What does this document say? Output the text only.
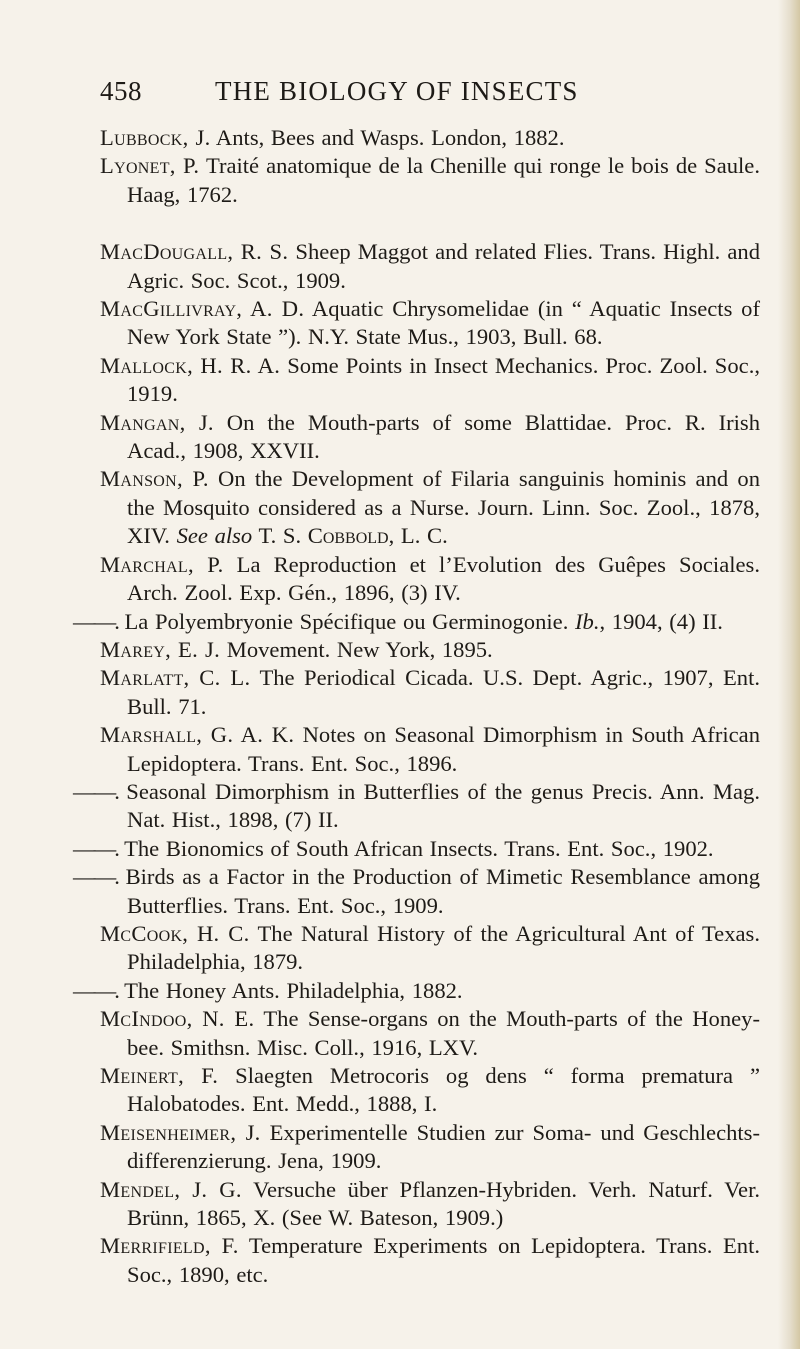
458	THE BIOLOGY OF INSECTS

Lubbock, J. Ants, Bees and Wasps. London, 1882.

Lyonet, P. Traité anatomique de la Chenille qui ronge le bois de Saule. Haag, 1762.

MacDougall, R. S. Sheep Maggot and related Flies. Trans. Highl. and Agric. Soc. Scot., 1909.

MacGillivray, A. D. Aquatic Chrysomelidae (in “ Aquatic Insects of New York State ”). N.Y. State Mus., 1903, Bull. 68.

Mallock, H. R. A. Some Points in Insect Mechanics. Proc. Zool. Soc., 1919.

Mangan, J. On the Mouth-parts of some Blattidae. Proc. R. Irish Acad., 1908, XXVII.

Manson, P. On the Development of Filaria sanguinis hominis and on the Mosquito considered as a Nurse. Journ. Linn. Soc. Zool., 1878, XIV. See also T. S. Cobbold, L. C.

Marchal, P. La Reproduction et l’Evolution des Guêpes Sociales. Arch. Zool. Exp. Gén., 1896, (3) IV.

——. La Polyembryonie Spécifique ou Germinogonie. Ib., 1904, (4) II.

Marey, E. J. Movement. New York, 1895.

Marlatt, C. L. The Periodical Cicada. U.S. Dept. Agric., 1907, Ent. Bull. 71.

Marshall, G. A. K. Notes on Seasonal Dimorphism in South African Lepidoptera. Trans. Ent. Soc., 1896.

——. Seasonal Dimorphism in Butterflies of the genus Precis. Ann. Mag. Nat. Hist., 1898, (7) II.

——. The Bionomics of South African Insects. Trans. Ent. Soc., 1902.

——. Birds as a Factor in the Production of Mimetic Resemblance among Butterflies. Trans. Ent. Soc., 1909.

McCook, H. C. The Natural History of the Agricultural Ant of Texas. Philadelphia, 1879.

——. The Honey Ants. Philadelphia, 1882.

McIndoo, N. E. The Sense-organs on the Mouth-parts of the Honey-bee. Smithsn. Misc. Coll., 1916, LXV.

Meinert, F. Slaegten Metrocoris og dens “ forma prematura ” Halobatodes. Ent. Medd., 1888, I.

Meisenheimer, J. Experimentelle Studien zur Soma- und Geschlechts-differenzierung. Jena, 1909.

Mendel, J. G. Versuche über Pflanzen-Hybriden. Verh. Naturf. Ver. Brünn, 1865, X. (See W. Bateson, 1909.)

Merrifield, F. Temperature Experiments on Lepidoptera. Trans. Ent. Soc., 1890, etc.
